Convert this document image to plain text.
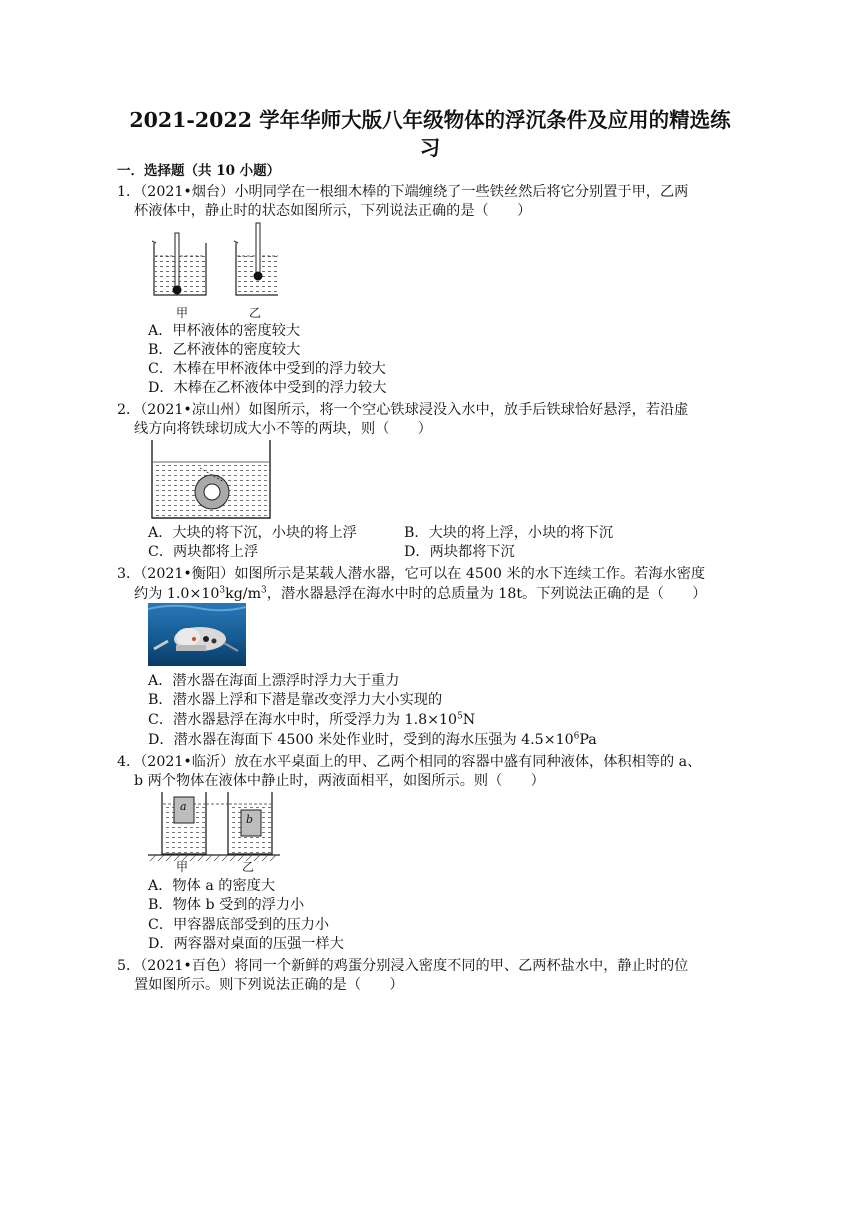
2021-2022 学年华师大版八年级物体的浮沉条件及应用的精选练
习
一．选择题（共 10 小题）
1．（2021•烟台）小明同学在一根细木棒的下端缠绕了一些铁丝然后将它分别置于甲，乙两
杯液体中，静止时的状态如图所示，下列说法正确的是（　　）
甲	乙
A．甲杯液体的密度较大
B．乙杯液体的密度较大
C．木棒在甲杯液体中受到的浮力较大
D．木棒在乙杯液体中受到的浮力较大
2．（2021•凉山州）如图所示，将一个空心铁球浸没入水中，放手后铁球恰好悬浮，若沿虚
线方向将铁球切成大小不等的两块，则（　　）
A．大块的将下沉，小块的将上浮	B．大块的将上浮，小块的将下沉
C．两块都将上浮	D．两块都将下沉
3．（2021•衡阳）如图所示是某载人潜水器，它可以在 4500 米的水下连续工作。若海水密度
约为 $1.0\times 10^3kg/m^3$，潜水器悬浮在海水中时的总质量为 18t。下列说法正确的是（　　）
A．潜水器在海面上漂浮时浮力大于重力
B．潜水器上浮和下潜是靠改变浮力大小实现的
C．潜水器悬浮在海水中时，所受浮力为 $1.8\times 10^5N$
D．潜水器在海面下 4500 米处作业时，受到的海水压强为 $4.5\times 10^6Pa$
4．（2021•临沂）放在水平桌面上的甲、乙两个相同的容器中盛有同种液体，体积相等的 a、
b 两个物体在液体中静止时，两液面相平，如图所示。则（　　）
a
b
甲	乙
A．物体 a 的密度大
B．物体 b 受到的浮力小
C．甲容器底部受到的压力小
D．两容器对桌面的压强一样大
5．（2021•百色）将同一个新鲜的鸡蛋分别浸入密度不同的甲、乙两杯盐水中，静止时的位
置如图所示。则下列说法正确的是（　　）
